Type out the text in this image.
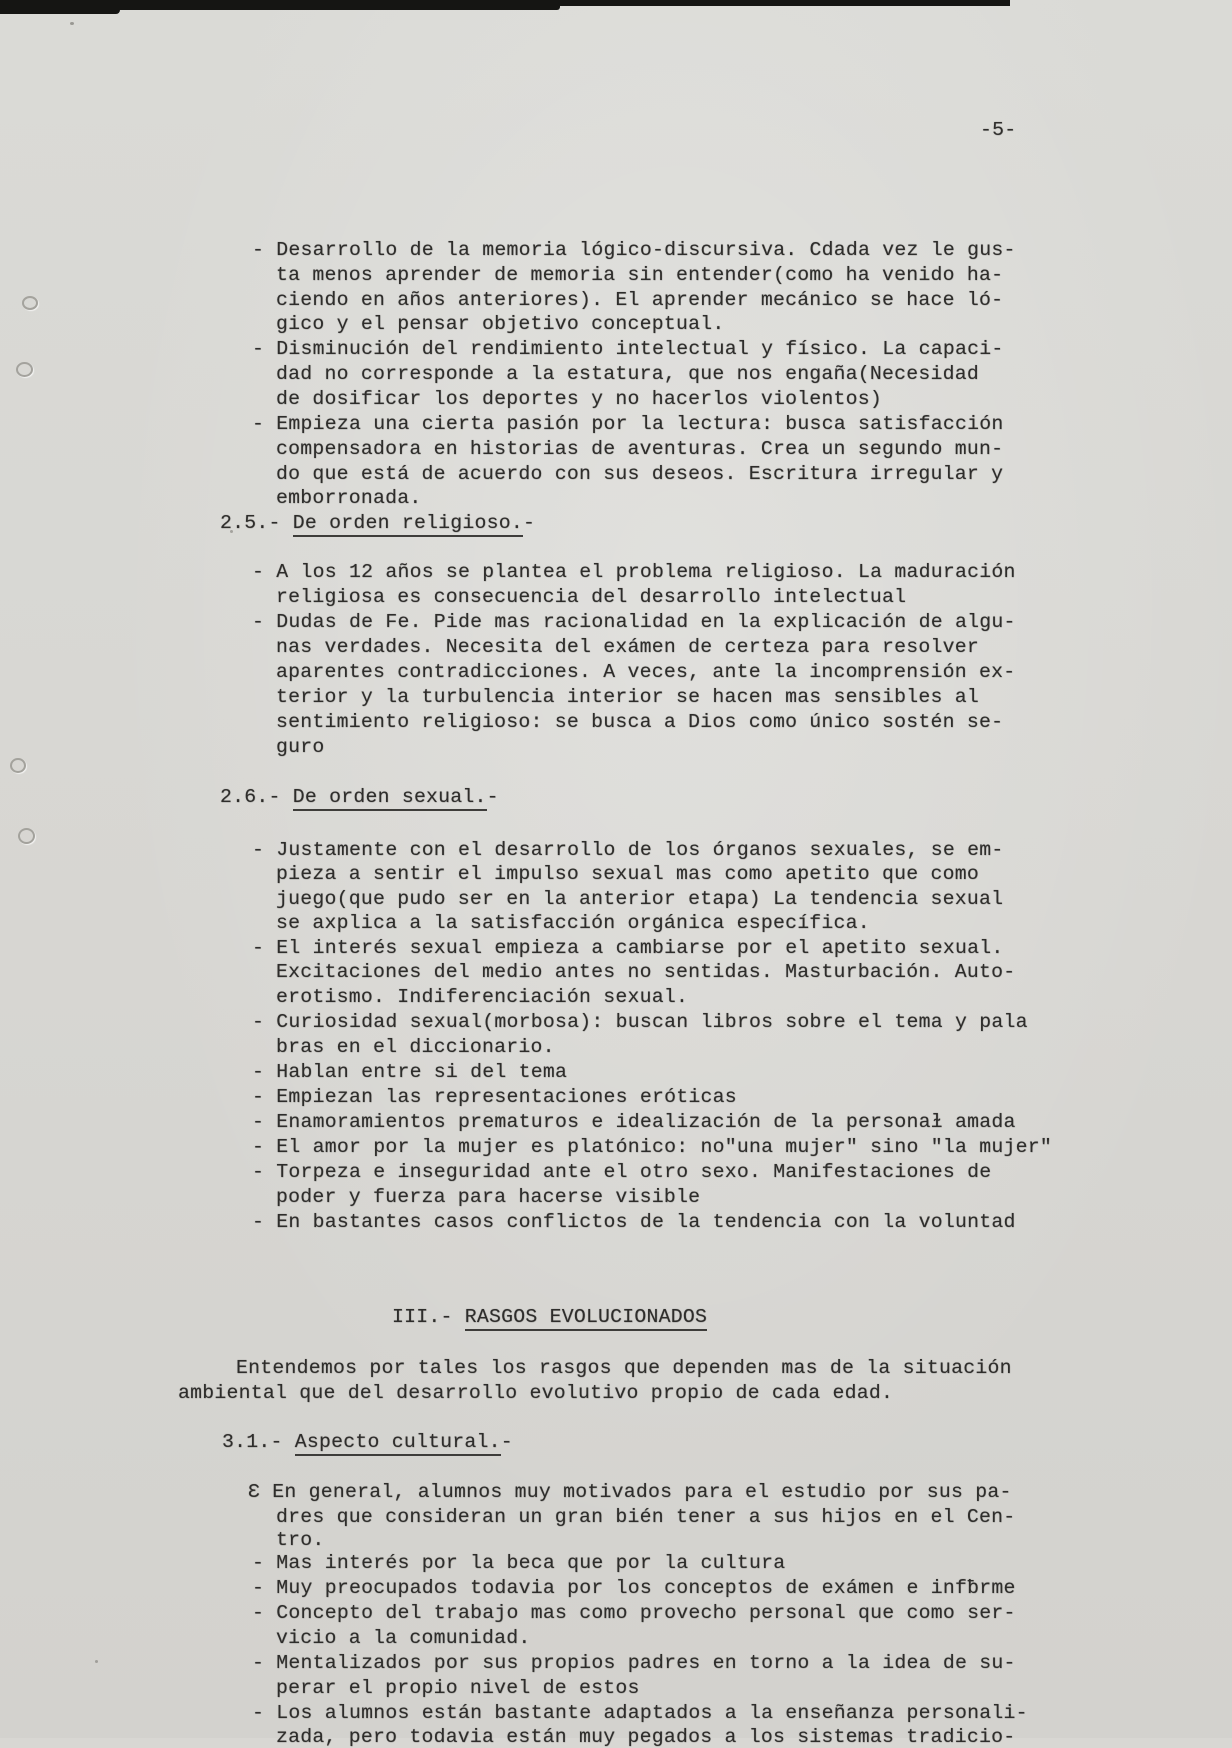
-5-
- Desarrollo de la memoria lógico-discursiva. Cdada vez le gus-
ta menos aprender de memoria sin entender(como ha venido ha-
ciendo en años anteriores). El aprender mecánico se hace ló-
gico y el pensar objetivo conceptual.
- Disminución del rendimiento intelectual y físico. La capaci-
dad no corresponde a la estatura, que nos engaña(Necesidad
de dosificar los deportes y no hacerlos violentos)
- Empieza una cierta pasión por la lectura: busca satisfacción
compensadora en historias de aventuras. Crea un segundo mun-
do que está de acuerdo con sus deseos. Escritura irregular y
emborronada.
2.5.- De orden religioso.-
- A los 12 años se plantea el problema religioso. La maduración
religiosa es consecuencia del desarrollo intelectual
- Dudas de Fe. Pide mas racionalidad en la explicación de algu-
nas verdades. Necesita del exámen de certeza para resolver
aparentes contradicciones. A veces, ante la incomprensión ex-
terior y la turbulencia interior se hacen mas sensibles al
sentimiento religioso: se busca a Dios como único sostén se-
guro
2.6.- De orden sexual.-
- Justamente con el desarrollo de los órganos sexuales, se em-
pieza a sentir el impulso sexual mas como apetito que como
juego(que pudo ser en la anterior etapa) La tendencia sexual
se axplica a la satisfacción orgánica específica.
- El interés sexual empieza a cambiarse por el apetito sexual.
Excitaciones del medio antes no sentidas. Masturbación. Auto-
erotismo. Indiferenciación sexual.
- Curiosidad sexual(morbosa): buscan libros sobre el tema y pala
bras en el diccionario.
- Hablan entre si del tema
- Empiezan las representaciones eróticas
- Enamoramientos prematuros e idealización de la personaɫ amada
- El amor por la mujer es platónico: no"una mujer" sino "la mujer"
- Torpeza e inseguridad ante el otro sexo. Manifestaciones de
poder y fuerza para hacerse visible
- En bastantes casos conflictos de la tendencia con la voluntad
III.- RASGOS EVOLUCIONADOS
Entendemos por tales los rasgos que dependen mas de la situación
ambiental que del desarrollo evolutivo propio de cada edad.
3.1.- Aspecto cultural.-
Ɛ En general, alumnos muy motivados para el estudio por sus pa-
dres que consideran un gran bién tener a sus hijos en el Cen-
tro.
- Mas interés por la beca que por la cultura
- Muy preocupados todavia por los conceptos de exámen e infƀrme
- Concepto del trabajo mas como provecho personal que como ser-
vicio a la comunidad.
- Mentalizados por sus propios padres en torno a la idea de su-
perar el propio nivel de estos
- Los alumnos están bastante adaptados a la enseñanza personali-
zada, pero todavia están muy pegados a los sistemas tradicio-
